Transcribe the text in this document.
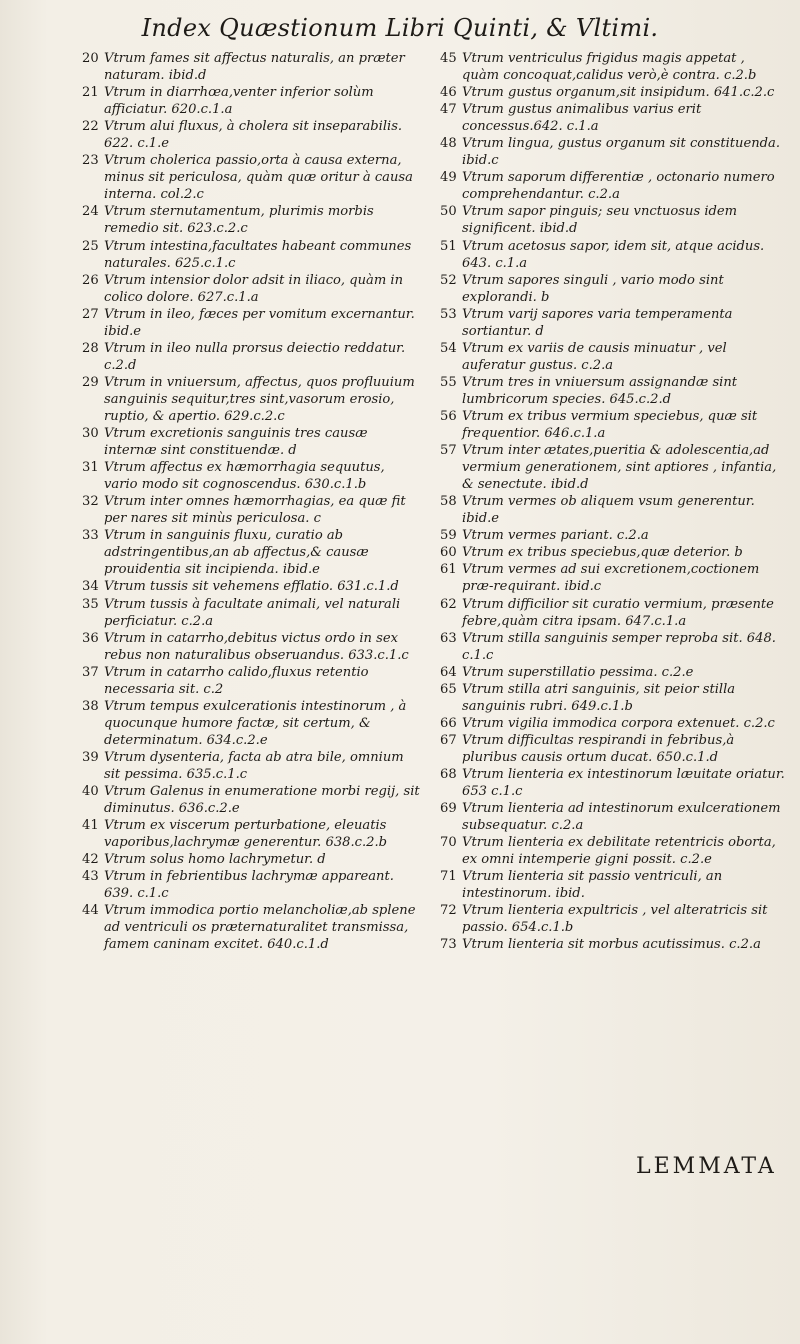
Index Quæstionum Libri Quinti, & Vltimi.
20 Vtrum fames sit affectus naturalis, an præter naturam. ibid.d
21 Vtrum in diarrhœa,venter inferior solùm afficiatur. 620.c.1.a
22 Vtrum alui fluxus, à cholera sit inseparabilis. 622. c.1.e
23 Vtrum cholerica passio,orta à causa externa, minus sit periculosa, quàm quæ oritur à causa interna. col.2.c
24 Vtrum sternutamentum, plurimis morbis remedio sit. 623.c.2.c
25 Vtrum intestina,facultates habeant communes naturales. 625.c.1.c
26 Vtrum intensior dolor adsit in iliaco, quàm in colico dolore. 627.c.1.a
27 Vtrum in ileo, fæces per vomitum excernantur. ibid.e
28 Vtrum in ileo nulla prorsus deiectio reddatur. c.2.d
29 Vtrum in vniuersum, affectus, quos profluuium sanguinis sequitur,tres sint,vasorum erosio, ruptio, & apertio. 629.c.2.c
30 Vtrum excretionis sanguinis tres causæ internæ sint constituendæ. d
31 Vtrum affectus ex hæmorrhagia sequutus, vario modo sit cognoscendus. 630.c.1.b
32 Vtrum inter omnes hæmorrhagias, ea quæ fit per nares sit minùs periculosa. c
33 Vtrum in sanguinis fluxu, curatio ab adstringentibus,an ab affectus,& causæ prouidentia sit incipienda. ibid.e
34 Vtrum tussis sit vehemens efflatio. 631.c.1.d
35 Vtrum tussis à facultate animali, vel naturali perficiatur. c.2.a
36 Vtrum in catarrho,debitus victus ordo in sex rebus non naturalibus obseruandus. 633.c.1.c
37 Vtrum in catarrho calido,fluxus retentio necessaria sit. c.2
38 Vtrum tempus exulcerationis intestinorum , à quocunque humore factæ, sit certum, & determinatum. 634.c.2.e
39 Vtrum dysenteria, facta ab atra bile, omnium sit pessima. 635.c.1.c
40 Vtrum Galenus in enumeratione morbi regij, sit diminutus. 636.c.2.e
41 Vtrum ex viscerum perturbatione, eleuatis vaporibus,lachrymæ generentur. 638.c.2.b
42 Vtrum solus homo lachrymetur. d
43 Vtrum in febrientibus lachrymæ appareant. 639. c.1.c
44 Vtrum immodica portio melancholiæ,ab splene ad ventriculi os præternaturalitet transmissa, famem caninam excitet. 640.c.1.d
45 Vtrum ventriculus frigidus magis appetat , quàm concoquat,calidus verò,è contra. c.2.b
46 Vtrum gustus organum,sit insipidum. 641.c.2.c
47 Vtrum gustus animalibus varius erit concessus.642. c.1.a
48 Vtrum lingua, gustus organum sit constituenda. ibid.c
49 Vtrum saporum differentiæ , octonario numero comprehendantur. c.2.a
50 Vtrum sapor pinguis; seu vnctuosus idem significent. ibid.d
51 Vtrum acetosus sapor, idem sit, atque acidus. 643. c.1.a
52 Vtrum sapores singuli , vario modo sint explorandi. b
53 Vtrum varij sapores varia temperamenta sortiantur. d
54 Vtrum ex variis de causis minuatur , vel auferatur gustus. c.2.a
55 Vtrum tres in vniuersum assignandæ sint lumbricorum species. 645.c.2.d
56 Vtrum ex tribus vermium speciebus, quæ sit frequentior. 646.c.1.a
57 Vtrum inter ætates,pueritia & adolescentia,ad vermium generationem, sint aptiores , infantia, & senectute. ibid.d
58 Vtrum vermes ob aliquem vsum generentur. ibid.e
59 Vtrum vermes pariant. c.2.a
60 Vtrum ex tribus speciebus,quæ deterior. b
61 Vtrum vermes ad sui excretionem,coctionem præ-requirant. ibid.c
62 Vtrum difficilior sit curatio vermium, præsente febre,quàm citra ipsam. 647.c.1.a
63 Vtrum stilla sanguinis semper reproba sit. 648. c.1.c
64 Vtrum superstillatio pessima. c.2.e
65 Vtrum stilla atri sanguinis, sit peior stilla sanguinis rubri. 649.c.1.b
66 Vtrum vigilia immodica corpora extenuet. c.2.c
67 Vtrum difficultas respirandi in febribus,à pluribus causis ortum ducat. 650.c.1.d
68 Vtrum lienteria ex intestinorum læuitate oriatur. 653 c.1.c
69 Vtrum lienteria ad intestinorum exulcerationem subsequatur. c.2.a
70 Vtrum lienteria ex debilitate retentricis oborta, ex omni intemperie gigni possit. c.2.e
71 Vtrum lienteria sit passio ventriculi, an intestinorum. ibid.
72 Vtrum lienteria expultricis , vel alteratricis sit passio. 654.c.1.b
73 Vtrum lienteria sit morbus acutissimus. c.2.a
LEMMATA
